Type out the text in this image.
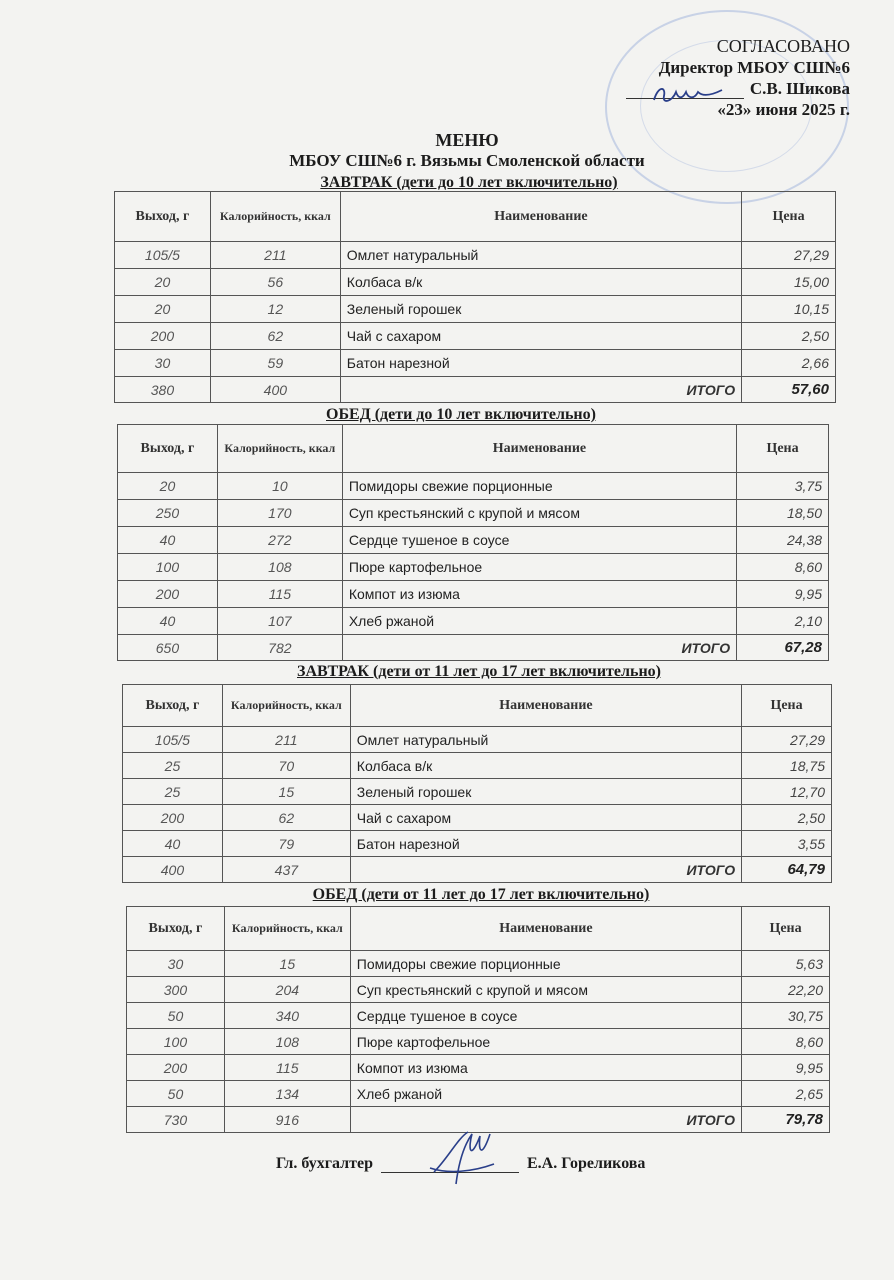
СОГЛАСОВАНО
Директор МБОУ СШ№6
С.В. Шикова
«23» июня 2025 г.
МЕНЮ
МБОУ СШ№6 г. Вязьмы Смоленской области
ЗАВТРАК (дети до 10 лет включительно)
Выход, г	Калорийность, ккал	Наименование	Цена
105/5	211	Омлет натуральный	27,29
20	56	Колбаса в/к	15,00
20	12	Зеленый горошек	10,15
200	62	Чай с сахаром	2,50
30	59	Батон нарезной	2,66
380	400	ИТОГО	57,60
ОБЕД (дети до 10 лет включительно)
Выход, г	Калорийность, ккал	Наименование	Цена
20	10	Помидоры свежие порционные	3,75
250	170	Суп крестьянский с крупой и мясом	18,50
40	272	Сердце тушеное в соусе	24,38
100	108	Пюре картофельное	8,60
200	115	Компот из изюма	9,95
40	107	Хлеб ржаной	2,10
650	782	ИТОГО	67,28
ЗАВТРАК (дети от 11 лет до 17 лет включительно)
Выход, г	Калорийность, ккал	Наименование	Цена
105/5	211	Омлет натуральный	27,29
25	70	Колбаса в/к	18,75
25	15	Зеленый горошек	12,70
200	62	Чай с сахаром	2,50
40	79	Батон нарезной	3,55
400	437	ИТОГО	64,79
ОБЕД (дети от 11 лет до 17 лет включительно)
Выход, г	Калорийность, ккал	Наименование	Цена
30	15	Помидоры свежие порционные	5,63
300	204	Суп крестьянский с крупой и мясом	22,20
50	340	Сердце тушеное в соусе	30,75
100	108	Пюре картофельное	8,60
200	115	Компот из изюма	9,95
50	134	Хлеб ржаной	2,65
730	916	ИТОГО	79,78
Гл. бухгалтер	Е.А. Гореликова
